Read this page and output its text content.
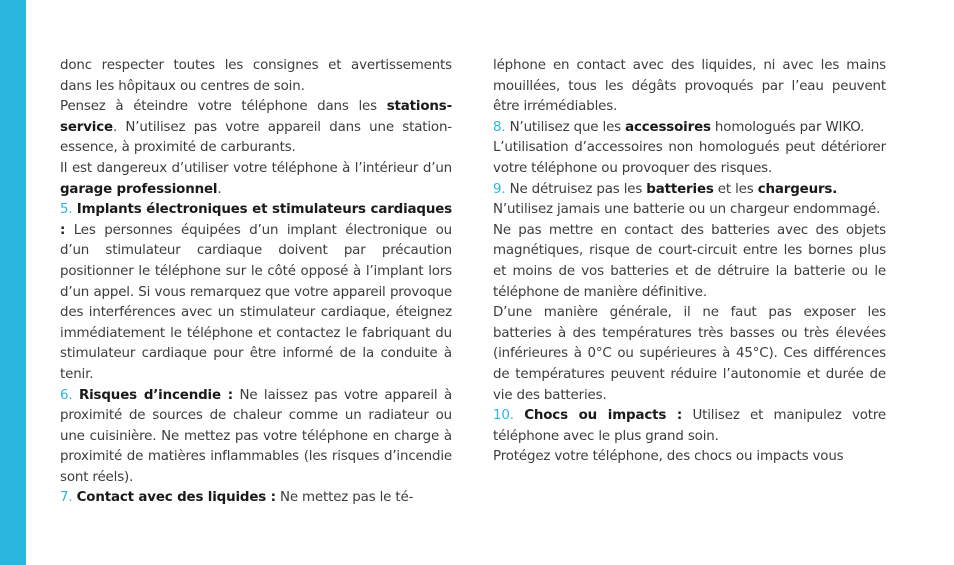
donc respecter toutes les consignes et avertissements dans les hôpitaux ou centres de soin.

Pensez à éteindre votre téléphone dans les stations-service. N’utilisez pas votre appareil dans une station-essence, à proximité de carburants.

Il est dangereux d’utiliser votre téléphone à l’intérieur d’un garage professionnel.

5. Implants électroniques et stimulateurs cardiaques : Les personnes équipées d’un implant électronique ou d’un stimulateur cardiaque doivent par précaution positionner le téléphone sur le côté opposé à l’implant lors d’un appel. Si vous remarquez que votre appareil provoque des interférences avec un stimulateur cardiaque, éteignez immédiatement le téléphone et contactez le fabriquant du stimulateur cardiaque pour être informé de la conduite à tenir.

6. Risques d’incendie : Ne laissez pas votre appareil à proximité de sources de chaleur comme un radiateur ou une cuisinière. Ne mettez pas votre téléphone en charge à proximité de matières inflammables (les risques d’incendie sont réels).

7. Contact avec des liquides : Ne mettez pas le té-

léphone en contact avec des liquides, ni avec les mains mouillées, tous les dégâts provoqués par l’eau peuvent être irrémédiables.

8. N’utilisez que les accessoires homologués par WIKO.

L’utilisation d’accessoires non homologués peut détériorer votre téléphone ou provoquer des risques.

9. Ne détruisez pas les batteries et les chargeurs.

N’utilisez jamais une batterie ou un chargeur endommagé.

Ne pas mettre en contact des batteries avec des objets magnétiques, risque de court-circuit entre les bornes plus et moins de vos batteries et de détruire la batterie ou le téléphone de manière définitive.

D’une manière générale, il ne faut pas exposer les batteries à des températures très basses ou très élevées (inférieures à 0°C ou supérieures à 45°C). Ces différences de températures peuvent réduire l’autonomie et durée de vie des batteries.

10. Chocs ou impacts : Utilisez et manipulez votre téléphone avec le plus grand soin.

Protégez votre téléphone, des chocs ou impacts vous
